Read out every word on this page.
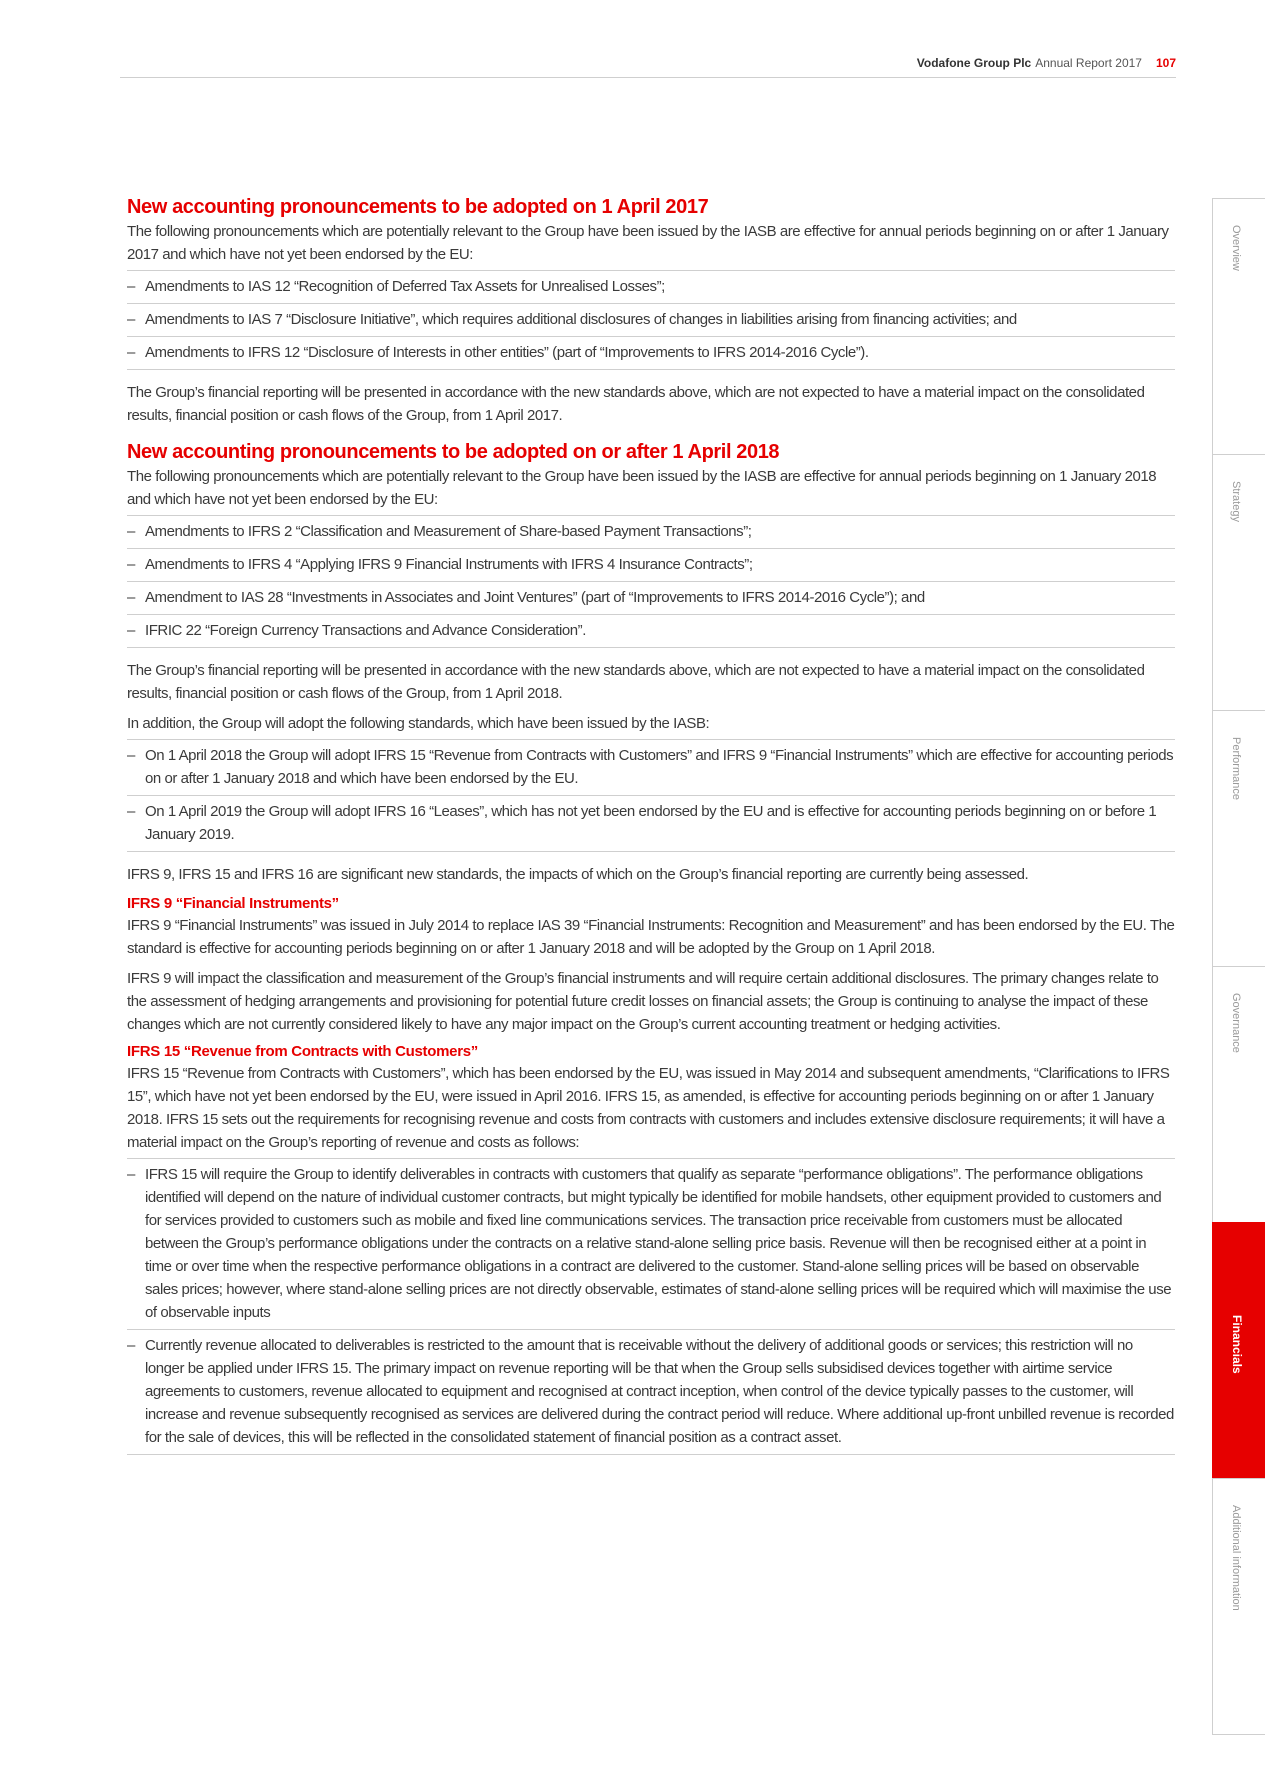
Vodafone Group Plc Annual Report 2017 107
New accounting pronouncements to be adopted on 1 April 2017

The following pronouncements which are potentially relevant to the Group have been issued by the IASB are effective for annual periods beginning on or after 1 January 2017 and which have not yet been endorsed by the EU:

– Amendments to IAS 12 “Recognition of Deferred Tax Assets for Unrealised Losses”;
– Amendments to IAS 7 “Disclosure Initiative”, which requires additional disclosures of changes in liabilities arising from financing activities; and
– Amendments to IFRS 12 “Disclosure of Interests in other entities” (part of “Improvements to IFRS 2014-2016 Cycle”).

The Group’s financial reporting will be presented in accordance with the new standards above, which are not expected to have a material impact on the consolidated results, financial position or cash flows of the Group, from 1 April 2017.

New accounting pronouncements to be adopted on or after 1 April 2018

The following pronouncements which are potentially relevant to the Group have been issued by the IASB are effective for annual periods beginning on 1 January 2018 and which have not yet been endorsed by the EU:

– Amendments to IFRS 2 “Classification and Measurement of Share-based Payment Transactions”;
– Amendments to IFRS 4 “Applying IFRS 9 Financial Instruments with IFRS 4 Insurance Contracts”;
– Amendment to IAS 28 “Investments in Associates and Joint Ventures” (part of “Improvements to IFRS 2014-2016 Cycle”); and
– IFRIC 22 “Foreign Currency Transactions and Advance Consideration”.

The Group’s financial reporting will be presented in accordance with the new standards above, which are not expected to have a material impact on the consolidated results, financial position or cash flows of the Group, from 1 April 2018.

In addition, the Group will adopt the following standards, which have been issued by the IASB:

– On 1 April 2018 the Group will adopt IFRS 15 “Revenue from Contracts with Customers” and IFRS 9 “Financial Instruments” which are effective for accounting periods on or after 1 January 2018 and which have been endorsed by the EU.
– On 1 April 2019 the Group will adopt IFRS 16 “Leases”, which has not yet been endorsed by the EU and is effective for accounting periods beginning on or before 1 January 2019.

IFRS 9, IFRS 15 and IFRS 16 are significant new standards, the impacts of which on the Group’s financial reporting are currently being assessed.

IFRS 9 “Financial Instruments”

IFRS 9 “Financial Instruments” was issued in July 2014 to replace IAS 39 “Financial Instruments: Recognition and Measurement” and has been endorsed by the EU. The standard is effective for accounting periods beginning on or after 1 January 2018 and will be adopted by the Group on 1 April 2018.

IFRS 9 will impact the classification and measurement of the Group’s financial instruments and will require certain additional disclosures. The primary changes relate to the assessment of hedging arrangements and provisioning for potential future credit losses on financial assets; the Group is continuing to analyse the impact of these changes which are not currently considered likely to have any major impact on the Group’s current accounting treatment or hedging activities.

IFRS 15 “Revenue from Contracts with Customers”

IFRS 15 “Revenue from Contracts with Customers”, which has been endorsed by the EU, was issued in May 2014 and subsequent amendments, “Clarifications to IFRS 15”, which have not yet been endorsed by the EU, were issued in April 2016. IFRS 15, as amended, is effective for accounting periods beginning on or after 1 January 2018. IFRS 15 sets out the requirements for recognising revenue and costs from contracts with customers and includes extensive disclosure requirements; it will have a material impact on the Group’s reporting of revenue and costs as follows:

– IFRS 15 will require the Group to identify deliverables in contracts with customers that qualify as separate “performance obligations”. The performance obligations identified will depend on the nature of individual customer contracts, but might typically be identified for mobile handsets, other equipment provided to customers and for services provided to customers such as mobile and fixed line communications services. The transaction price receivable from customers must be allocated between the Group’s performance obligations under the contracts on a relative stand-alone selling price basis. Revenue will then be recognised either at a point in time or over time when the respective performance obligations in a contract are delivered to the customer. Stand-alone selling prices will be based on observable sales prices; however, where stand-alone selling prices are not directly observable, estimates of stand-alone selling prices will be required which will maximise the use of observable inputs
– Currently revenue allocated to deliverables is restricted to the amount that is receivable without the delivery of additional goods or services; this restriction will no longer be applied under IFRS 15. The primary impact on revenue reporting will be that when the Group sells subsidised devices together with airtime service agreements to customers, revenue allocated to equipment and recognised at contract inception, when control of the device typically passes to the customer, will increase and revenue subsequently recognised as services are delivered during the contract period will reduce. Where additional up-front unbilled revenue is recorded for the sale of devices, this will be reflected in the consolidated statement of financial position as a contract asset.
Overview
Strategy
Performance
Governance
Financials
Additional information
